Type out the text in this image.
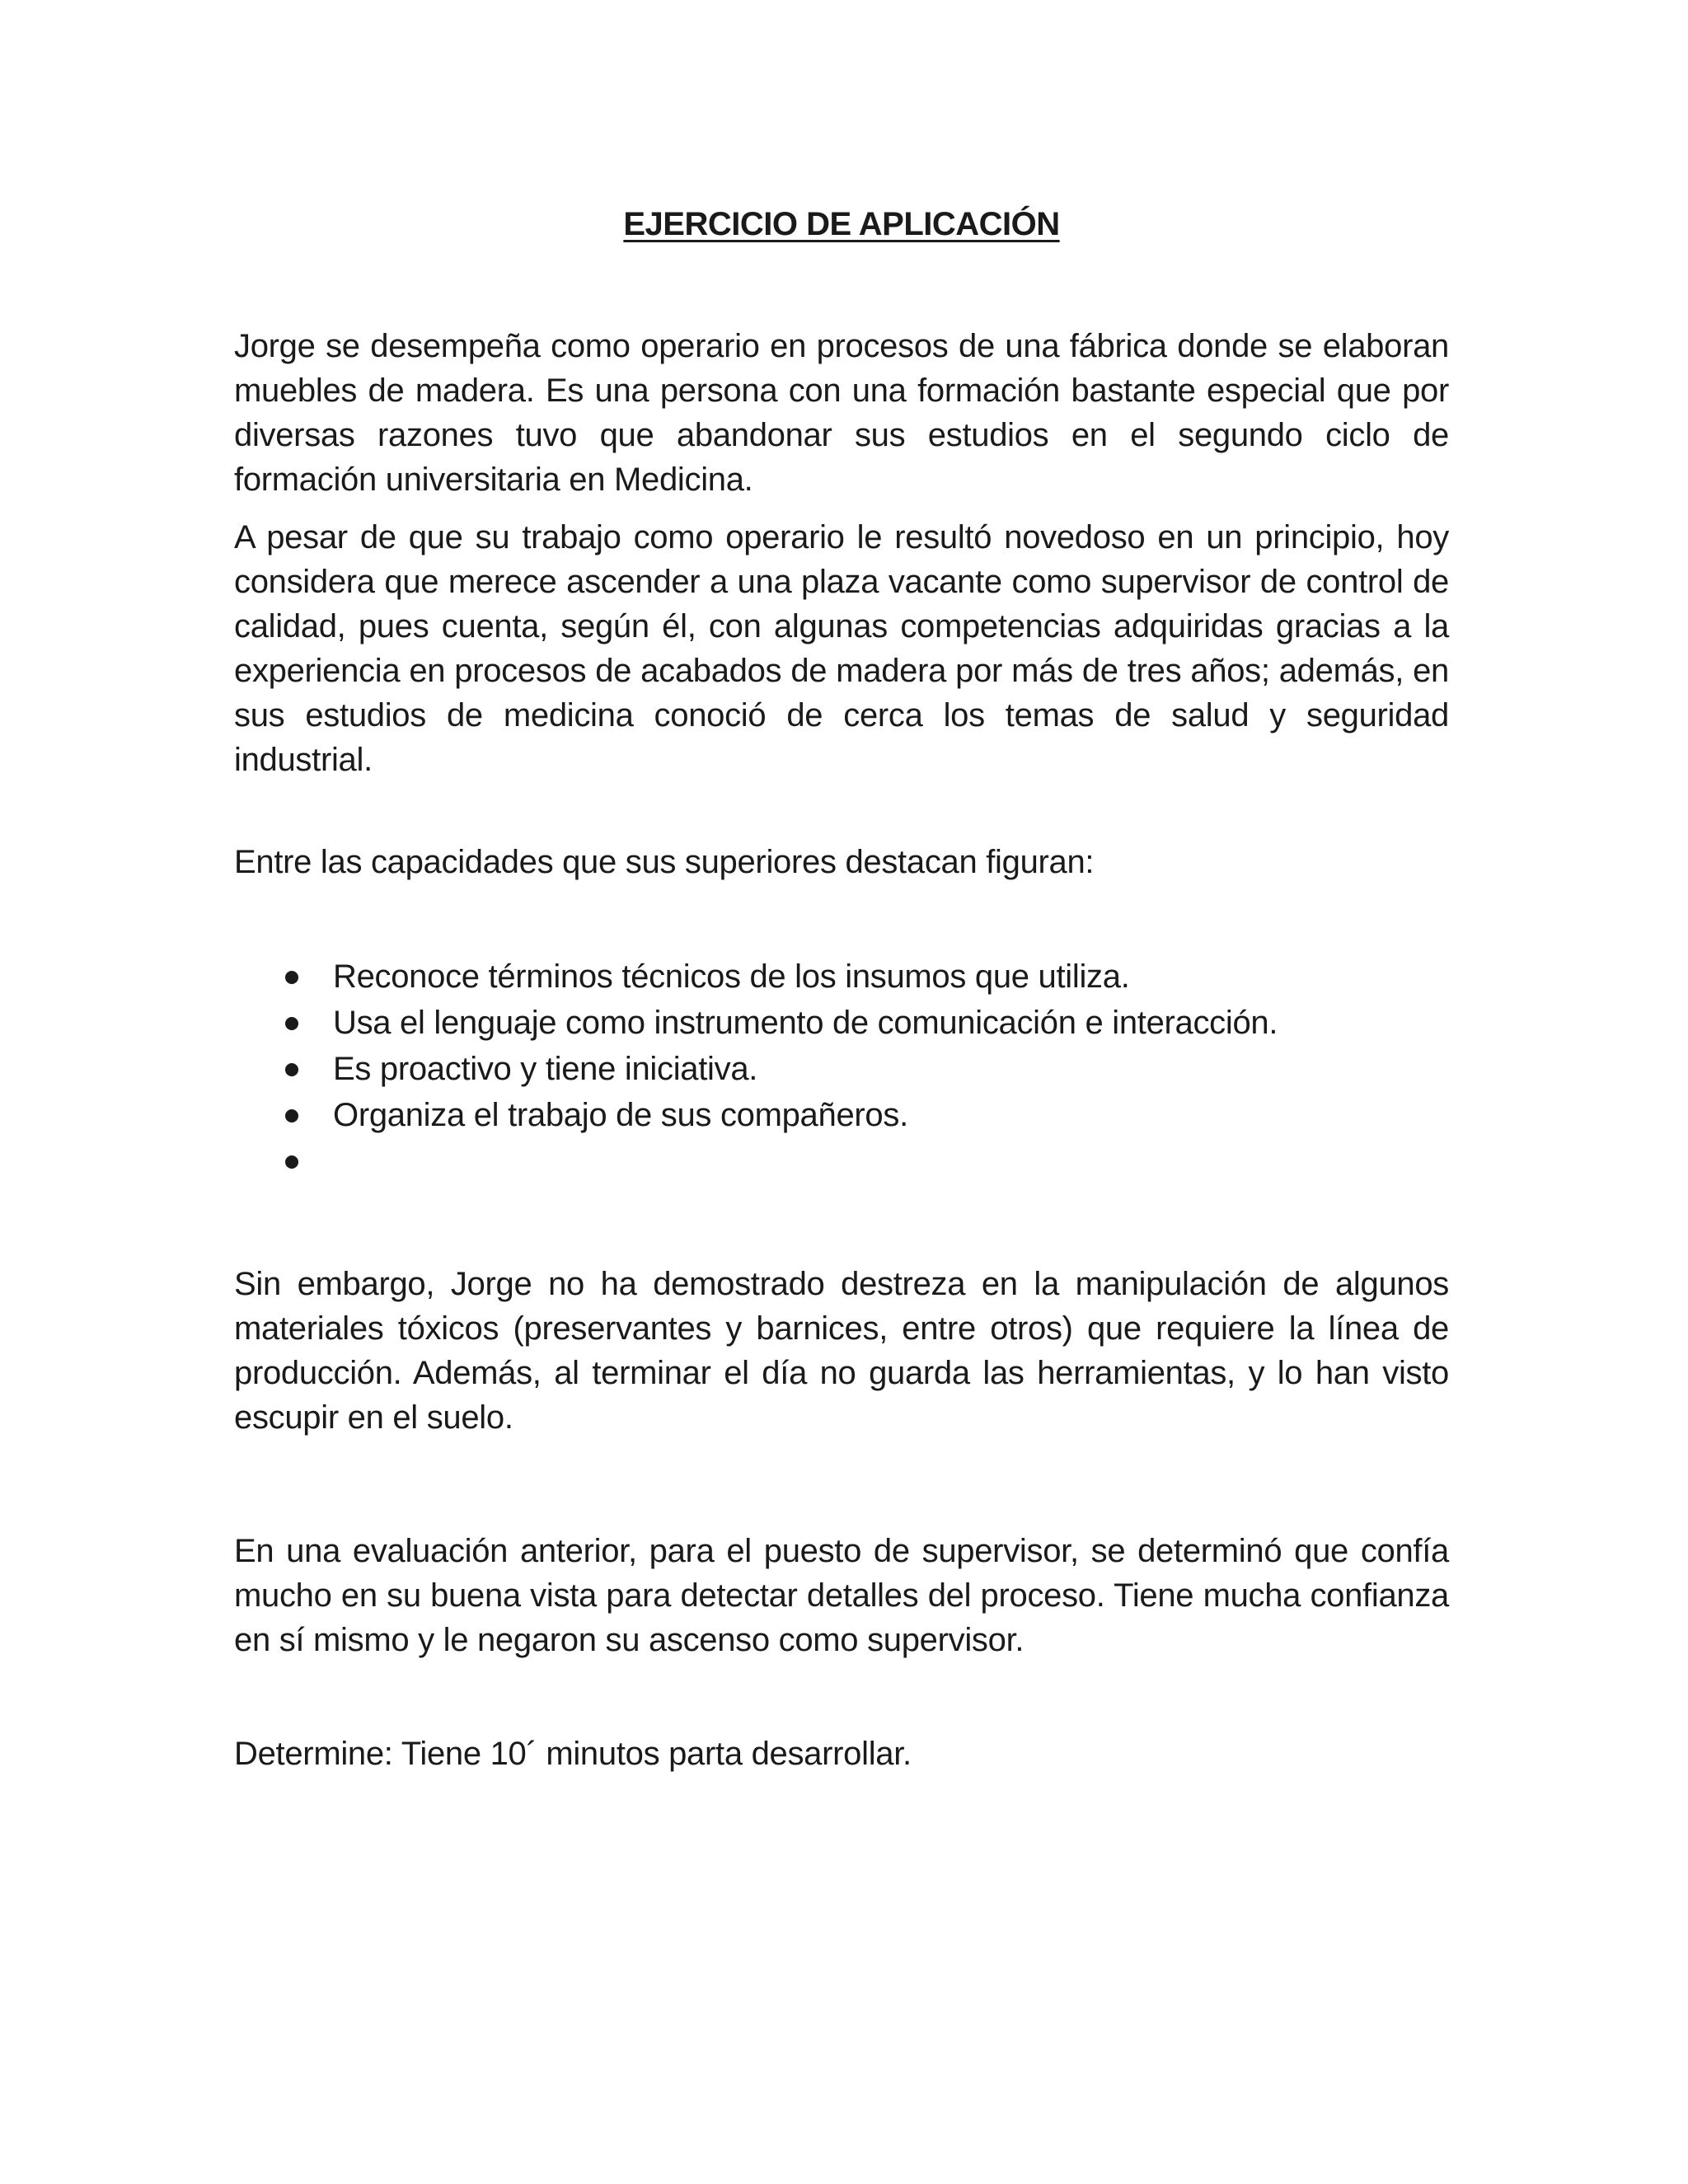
EJERCICIO DE APLICACIÓN

Jorge se desempeña como operario en procesos de una fábrica donde se elaboran muebles de madera. Es una persona con una formación bastante especial que por diversas razones tuvo que abandonar sus estudios en el segundo ciclo de formación universitaria en Medicina.

A pesar de que su trabajo como operario le resultó novedoso en un principio, hoy considera que merece ascender a una plaza vacante como supervisor de control de calidad, pues cuenta, según él, con algunas competencias adquiridas gracias a la experiencia en procesos de acabados de madera por más de tres años; además, en sus estudios de medicina conoció de cerca los temas de salud y seguridad industrial.

Entre las capacidades que sus superiores destacan figuran:

Reconoce términos técnicos de los insumos que utiliza.
Usa el lenguaje como instrumento de comunicación e interacción.
Es proactivo y tiene iniciativa.
Organiza el trabajo de sus compañeros.

Sin embargo, Jorge no ha demostrado destreza en la manipulación de algunos materiales tóxicos (preservantes y barnices, entre otros) que requiere la línea de producción. Además, al terminar el día no guarda las herramientas, y lo han visto escupir en el suelo.

En una evaluación anterior, para el puesto de supervisor, se determinó que confía mucho en su buena vista para detectar detalles del proceso. Tiene mucha confianza en sí mismo y le negaron su ascenso como supervisor.

Determine: Tiene 10´ minutos parta desarrollar.
